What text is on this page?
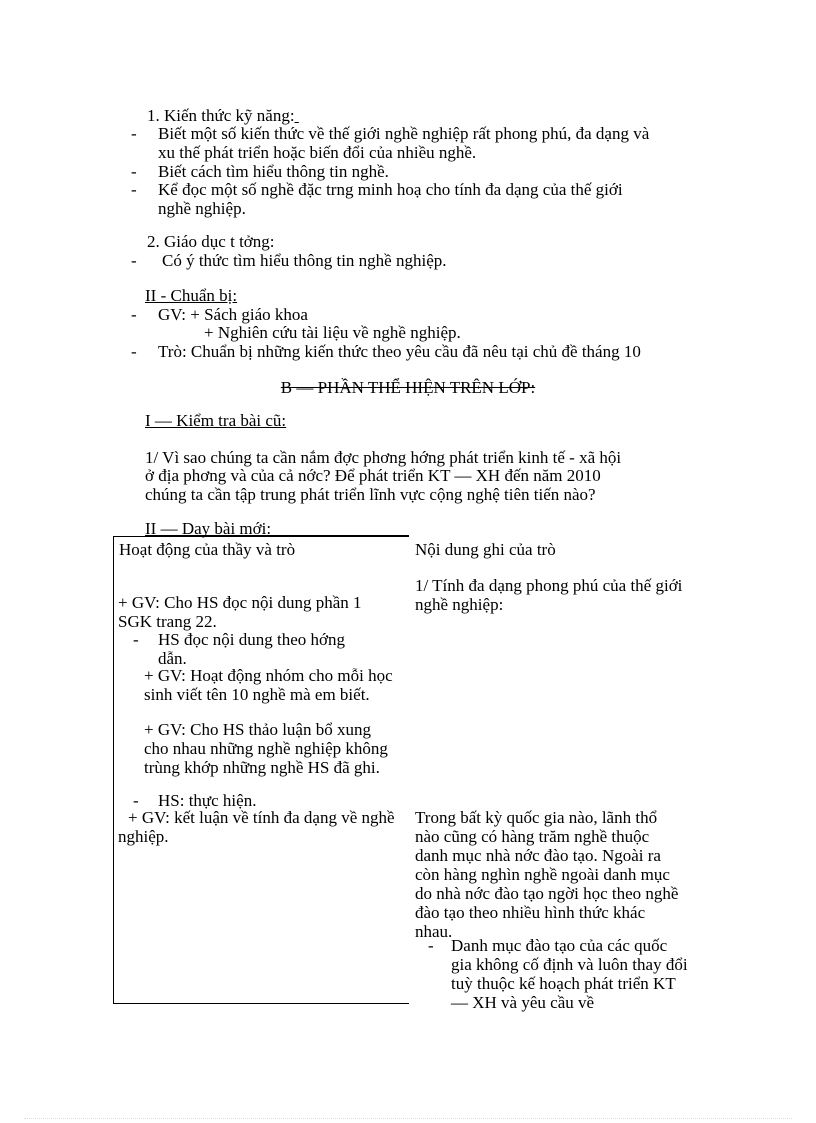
1. Kiến thức kỹ năng:
- Biết một số kiến thức về thế giới nghề nghiệp rất phong phú, đa dạng và
xu thế phát triển hoặc biến đổi của nhiều nghề.
- Biết cách tìm hiểu thông tin nghề.
- Kể đọc một số nghề đặc trng minh hoạ cho tính đa dạng của thế giới
nghề nghiệp.
2. Giáo dục t tởng:
- Có ý thức tìm hiểu thông tin nghề nghiệp.
II - Chuẩn bị:
- GV: + Sách giáo khoa
+ Nghiên cứu tài liệu về nghề nghiệp.
- Trò: Chuẩn bị những kiến thức theo yêu cầu đã nêu tại chủ đề tháng 10
B — PHẦN THỂ HIỆN TRÊN LỚP:
I — Kiểm tra bài cũ:
1/ Vì sao chúng ta cần nắm đợc phơng hớng phát triển kinh tế - xã hội
ở địa phơng và của cả nớc? Để phát triển KT — XH đến năm 2010
chúng ta cần tập trung phát triển lĩnh vực cộng nghệ tiên tiến nào?
II — Dạy bài mới:
Hoạt động của thầy và trò	Nội dung ghi của trò
+ GV: Cho HS đọc nội dung phần 1 SGK trang 22.
- HS đọc nội dung theo hớng dẫn.
+ GV: Hoạt động nhóm cho mỗi học sinh viết tên 10 nghề mà em biết.
+ GV: Cho HS thảo luận bổ xung cho nhau những nghề nghiệp không trùng khớp những nghề HS đã ghi.
- HS: thực hiện.
+ GV: kết luận về tính đa dạng về nghề nghiệp.
1/ Tính đa dạng phong phú của thế giới nghề nghiệp:
Trong bất kỳ quốc gia nào, lãnh thổ nào cũng có hàng trăm nghề thuộc danh mục nhà nớc đào tạo. Ngoài ra còn hàng nghìn nghề ngoài danh mục do nhà nớc đào tạo ngời học theo nghề đào tạo theo nhiều hình thức khác nhau.
- Danh mục đào tạo của các quốc gia không cố định và luôn thay đổi tuỳ thuộc kế hoạch phát triển KT — XH và yêu cầu về
